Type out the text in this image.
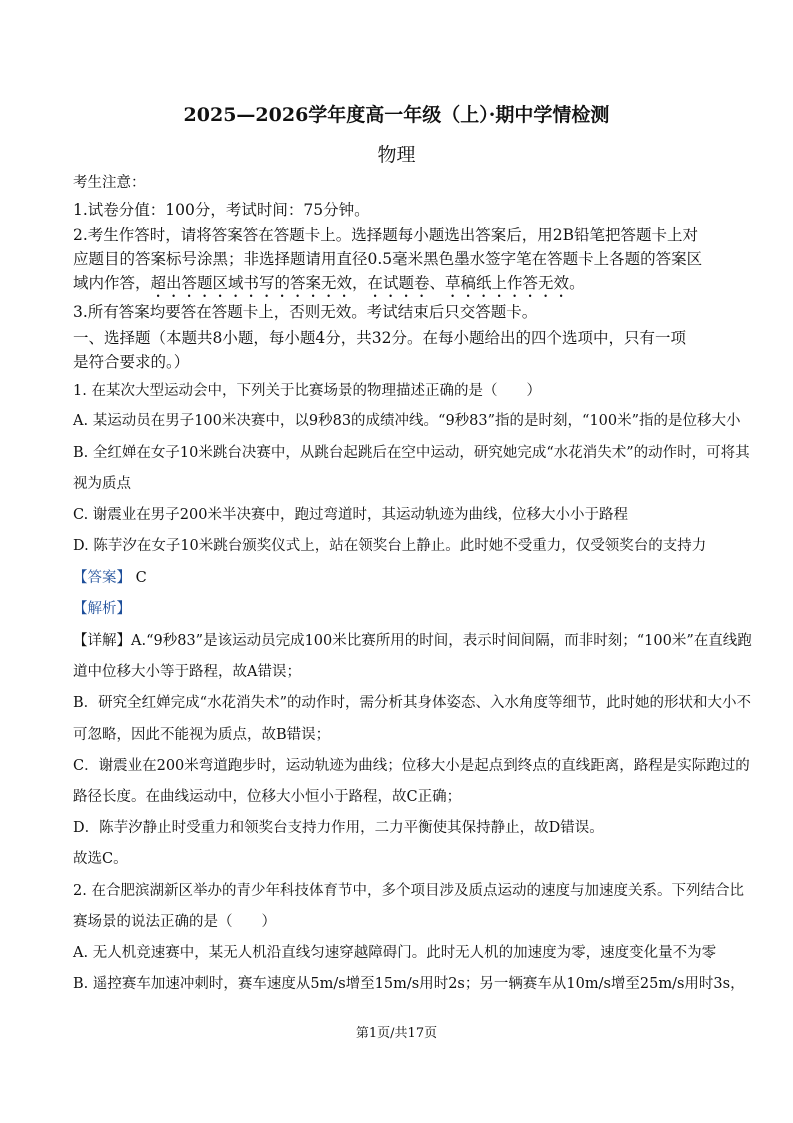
2025—2026学年度高一年级（上）·期中学情检测
物理
考生注意：
1.试卷分值：100分，考试时间：75分钟。
2.考生作答时，请将答案答在答题卡上。选择题每小题选出答案后，用2B铅笔把答题卡上对
应题目的答案标号涂黑；非选择题请用直径0.5毫米黑色墨水签字笔在答题卡上各题的答案区
域内作答，超出答题区域书写的答案无效，在试题卷、草稿纸上作答无效。
3.所有答案均要答在答题卡上，否则无效。考试结束后只交答题卡。
一、选择题（本题共8小题，每小题4分，共32分。在每小题给出的四个选项中，只有一项
是符合要求的。）
1. 在某次大型运动会中，下列关于比赛场景的物理描述正确的是（　　）
A. 某运动员在男子100米决赛中，以9秒83的成绩冲线。“9秒83”指的是时刻，“100米”指的是位移大小
B. 全红婵在女子10米跳台决赛中，从跳台起跳后在空中运动，研究她完成“水花消失术”的动作时，可将其
视为质点
C. 谢震业在男子200米半决赛中，跑过弯道时，其运动轨迹为曲线，位移大小小于路程
D. 陈芋汐在女子10米跳台颁奖仪式上，站在领奖台上静止。此时她不受重力，仅受领奖台的支持力
【答案】 C
【解析】
【详解】A.“9秒83”是该运动员完成100米比赛所用的时间，表示时间间隔，而非时刻；“100米”在直线跑
道中位移大小等于路程，故A错误；
B．研究全红婵完成“水花消失术”的动作时，需分析其身体姿态、入水角度等细节，此时她的形状和大小不
可忽略，因此不能视为质点，故B错误；
C．谢震业在200米弯道跑步时，运动轨迹为曲线；位移大小是起点到终点的直线距离，路程是实际跑过的
路径长度。在曲线运动中，位移大小恒小于路程，故C正确；
D．陈芋汐静止时受重力和领奖台支持力作用，二力平衡使其保持静止，故D错误。
故选C。
2. 在合肥滨湖新区举办的青少年科技体育节中，多个项目涉及质点运动的速度与加速度关系。下列结合比
赛场景的说法正确的是（　　）
A. 无人机竞速赛中，某无人机沿直线匀速穿越障碍门。此时无人机的加速度为零，速度变化量不为零
B. 遥控赛车加速冲刺时，赛车速度从5m/s增至15m/s用时2s；另一辆赛车从10m/s增至25m/s用时3s，
第1页/共17页
